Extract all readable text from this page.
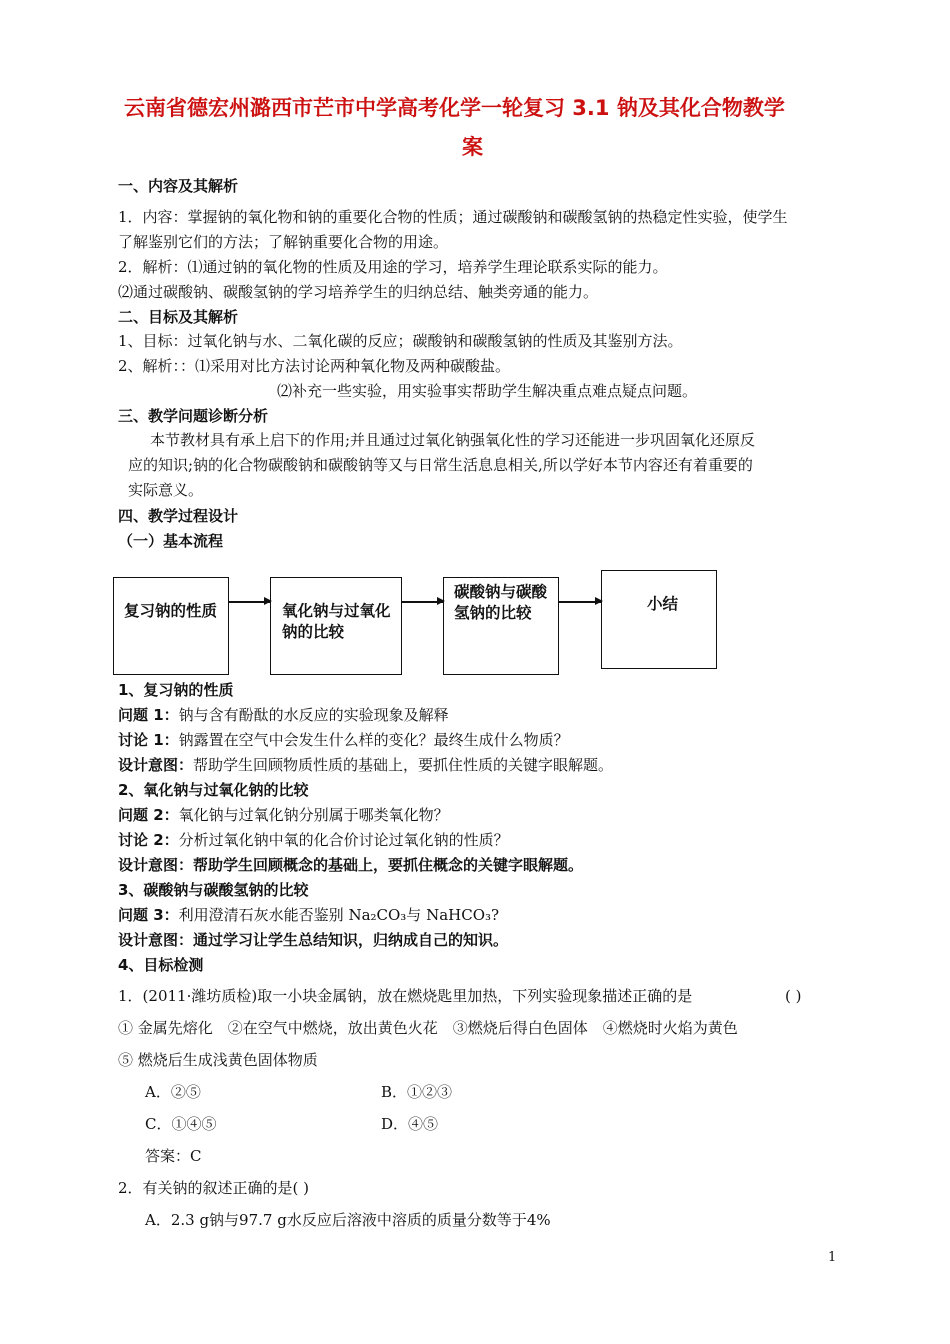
云南省德宏州潞西市芒市中学高考化学一轮复习 3.1 钠及其化合物教学
案
一、内容及其解析
1．内容：掌握钠的氧化物和钠的重要化合物的性质；通过碳酸钠和碳酸氢钠的热稳定性实验，使学生
了解鉴别它们的方法；了解钠重要化合物的用途。
2．解析：⑴通过钠的氧化物的性质及用途的学习，培养学生理论联系实际的能力。
⑵通过碳酸钠、碳酸氢钠的学习培养学生的归纳总结、触类旁通的能力。
二、目标及其解析
1、目标：过氧化钠与水、二氧化碳的反应；碳酸钠和碳酸氢钠的性质及其鉴别方法。
2、解析：：⑴采用对比方法讨论两种氧化物及两种碳酸盐。
⑵补充一些实验，用实验事实帮助学生解决重点难点疑点问题。
三、教学问题诊断分析
本节教材具有承上启下的作用;并且通过过氧化钠强氧化性的学习还能进一步巩固氧化还原反
应的知识;钠的化合物碳酸钠和碳酸钠等又与日常生活息息相关,所以学好本节内容还有着重要的
实际意义。
四、教学过程设计
（一）基本流程
复习钠的性质	氧化钠与过氧化钠的比较
碳酸钠与碳酸氢钠的比较	小结
1、复习钠的性质
问题 1：钠与含有酚酞的水反应的实验现象及解释
讨论 1：钠露置在空气中会发生什么样的变化？最终生成什么物质？
设计意图：帮助学生回顾物质性质的基础上，要抓住性质的关键字眼解题。
2、氧化钠与过氧化钠的比较
问题 2：氧化钠与过氧化钠分别属于哪类氧化物？
讨论 2：分析过氧化钠中氧的化合价讨论过氧化钠的性质？
设计意图：帮助学生回顾概念的基础上，要抓住概念的关键字眼解题。
3、碳酸钠与碳酸氢钠的比较
问题 3：利用澄清石灰水能否鉴别 Na₂CO₃与 NaHCO₃?
设计意图：通过学习让学生总结知识，归纳成自己的知识。
4、目标检测
1．(2011·潍坊质检)取一小块金属钠，放在燃烧匙里加热，下列实验现象描述正确的是	( )
① 金属先熔化　②在空气中燃烧，放出黄色火花　③燃烧后得白色固体　④燃烧时火焰为黄色
⑤ 燃烧后生成浅黄色固体物质
A．②⑤	B．①②③
C．①④⑤	D．④⑤
答案：C
2．有关钠的叙述正确的是( )
A．2.3 g钠与97.7 g水反应后溶液中溶质的质量分数等于4%
1
